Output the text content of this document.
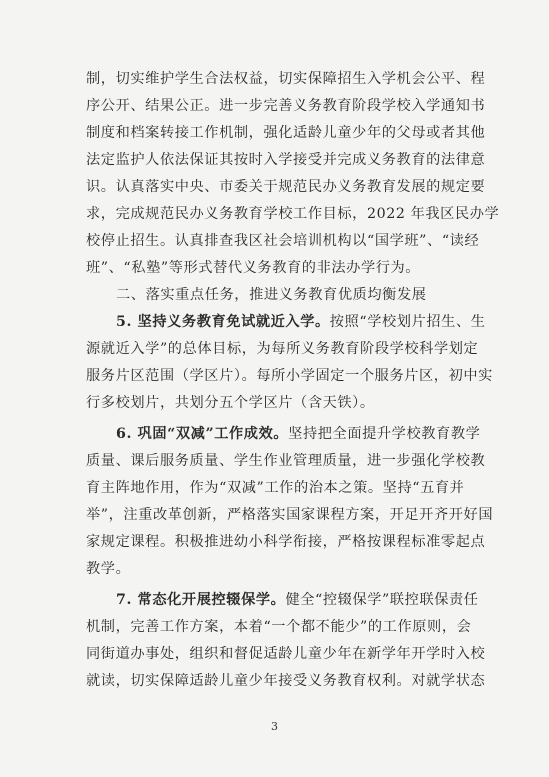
制，切实维护学生合法权益，切实保障招生入学机会公平、程
序公开、结果公正。进一步完善义务教育阶段学校入学通知书
制度和档案转接工作机制，强化适龄儿童少年的父母或者其他
法定监护人依法保证其按时入学接受并完成义务教育的法律意
识。认真落实中央、市委关于规范民办义务教育发展的规定要
求，完成规范民办义务教育学校工作目标，2022 年我区民办学
校停止招生。认真排查我区社会培训机构以“国学班”、“读经
班”、“私塾”等形式替代义务教育的非法办学行为。
二、落实重点任务，推进义务教育优质均衡发展
5. 坚持义务教育免试就近入学。按照“学校划片招生、生
源就近入学”的总体目标，为每所义务教育阶段学校科学划定
服务片区范围（学区片）。每所小学固定一个服务片区，初中实
行多校划片，共划分五个学区片（含天铁）。
6. 巩固“双减”工作成效。坚持把全面提升学校教育教学
质量、课后服务质量、学生作业管理质量，进一步强化学校教
育主阵地作用，作为“双减”工作的治本之策。坚持“五育并
举”，注重改革创新，严格落实国家课程方案，开足开齐开好国
家规定课程。积极推进幼小科学衔接，严格按课程标准零起点
教学。
7. 常态化开展控辍保学。健全“控辍保学”联控联保责任
机制，完善工作方案，本着“一个都不能少”的工作原则，会
同街道办事处，组织和督促适龄儿童少年在新学年开学时入校
就读，切实保障适龄儿童少年接受义务教育权利。对就学状态
3
